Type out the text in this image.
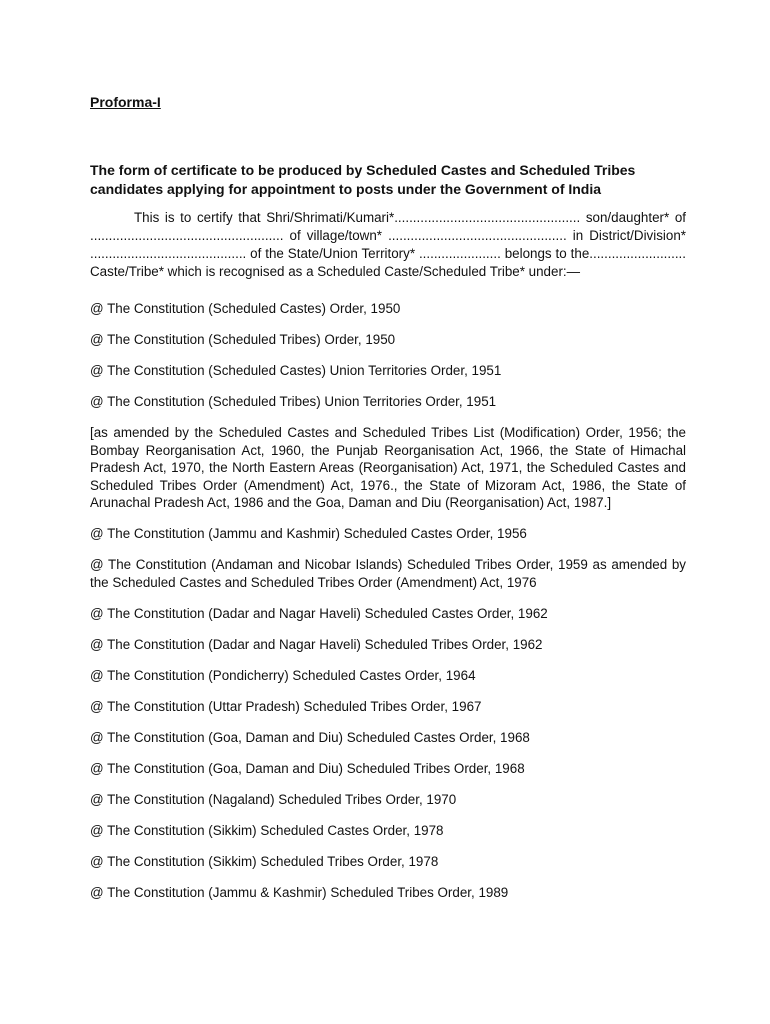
Proforma-I

The form of certificate to be produced by Scheduled Castes and Scheduled Tribes candidates applying for appointment to posts under the Government of India

This is to certify that Shri/Shrimati/Kumari*.................................................. son/daughter* of .................................................... of village/town* ................................................ in District/Division* .......................................... of the State/Union Territory* ...................... belongs to the.......................... Caste/Tribe* which is recognised as a Scheduled Caste/Scheduled Tribe* under:—

@ The Constitution (Scheduled Castes) Order, 1950
@ The Constitution (Scheduled Tribes) Order, 1950
@ The Constitution (Scheduled Castes) Union Territories Order, 1951
@ The Constitution (Scheduled Tribes) Union Territories Order, 1951

[as amended by the Scheduled Castes and Scheduled Tribes List (Modification) Order, 1956; the Bombay Reorganisation Act, 1960, the Punjab Reorganisation Act, 1966, the State of Himachal Pradesh Act, 1970, the North Eastern Areas (Reorganisation) Act, 1971, the Scheduled Castes and Scheduled Tribes Order (Amendment) Act, 1976., the State of Mizoram Act, 1986, the State of Arunachal Pradesh Act, 1986 and the Goa, Daman and Diu (Reorganisation) Act, 1987.]

@ The Constitution (Jammu and Kashmir) Scheduled Castes Order, 1956
@ The Constitution (Andaman and Nicobar Islands) Scheduled Tribes Order, 1959 as amended by the Scheduled Castes and Scheduled Tribes Order (Amendment) Act, 1976
@ The Constitution (Dadar and Nagar Haveli) Scheduled Castes Order, 1962
@ The Constitution (Dadar and Nagar Haveli) Scheduled Tribes Order, 1962
@ The Constitution (Pondicherry) Scheduled Castes Order, 1964
@ The Constitution (Uttar Pradesh) Scheduled Tribes Order, 1967
@ The Constitution (Goa, Daman and Diu) Scheduled Castes Order, 1968
@ The Constitution (Goa, Daman and Diu) Scheduled Tribes Order, 1968
@ The Constitution (Nagaland) Scheduled Tribes Order, 1970
@ The Constitution (Sikkim) Scheduled Castes Order, 1978
@ The Constitution (Sikkim) Scheduled Tribes Order, 1978
@ The Constitution (Jammu & Kashmir) Scheduled Tribes Order, 1989
